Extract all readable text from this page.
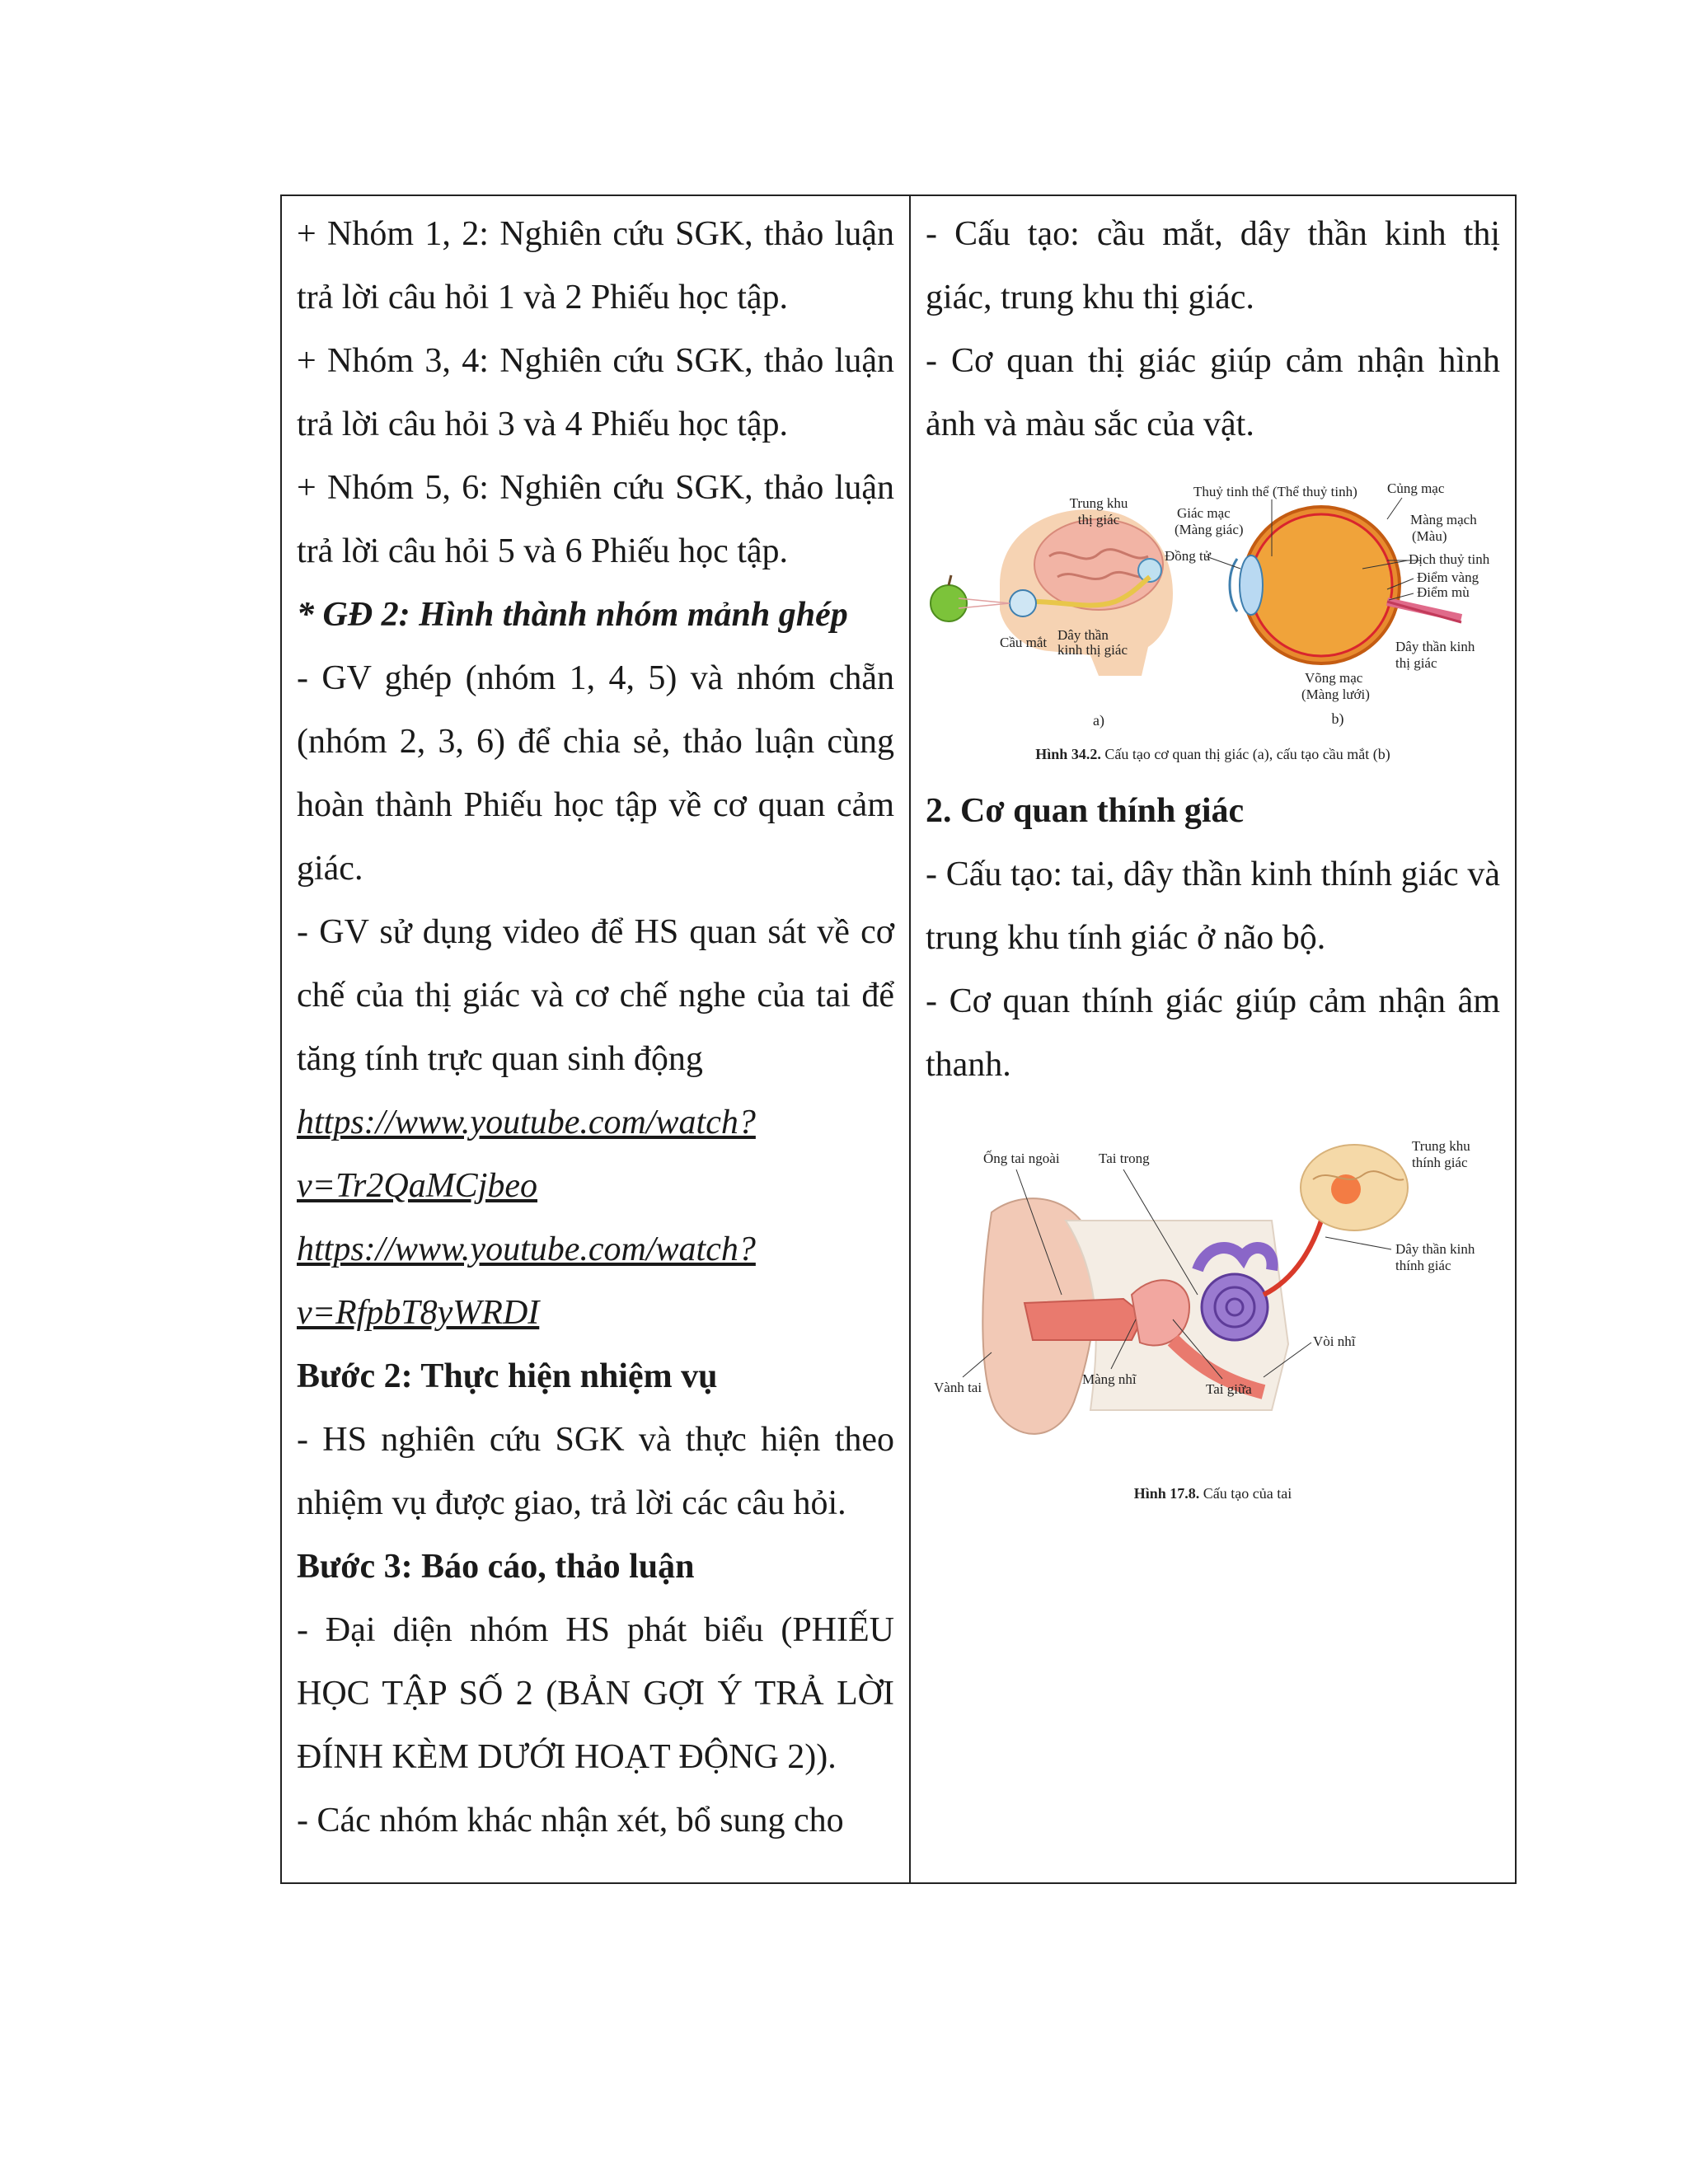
+ Nhóm 1, 2: Nghiên cứu SGK, thảo luận trả lời câu hỏi 1 và 2 Phiếu học tập.

+ Nhóm 3, 4: Nghiên cứu SGK, thảo luận trả lời câu hỏi 3 và 4 Phiếu học tập.

+ Nhóm 5, 6: Nghiên cứu SGK, thảo luận trả lời câu hỏi 5 và 6 Phiếu học tập.

* GĐ 2: Hình thành nhóm mảnh ghép

- GV ghép (nhóm 1, 4, 5) và nhóm chẵn (nhóm 2, 3, 6) để chia sẻ, thảo luận cùng hoàn thành Phiếu học tập về cơ quan cảm giác.

- GV sử dụng video để HS quan sát về cơ chế của thị giác và cơ chế nghe của tai để tăng tính trực quan sinh động

https://www.youtube.com/watch?
v=Tr2QaMCjbeo

https://www.youtube.com/watch?
v=RfpbT8yWRDI

Bước 2: Thực hiện nhiệm vụ

- HS nghiên cứu SGK và thực hiện theo nhiệm vụ được giao, trả lời các câu hỏi.

Bước 3: Báo cáo, thảo luận

- Đại diện nhóm HS phát biểu (PHIẾU HỌC TẬP SỐ 2 (BẢN GỢI Ý TRẢ LỜI ĐÍNH KÈM DƯỚI HOẠT ĐỘNG 2)).

- Các nhóm khác nhận xét, bổ sung cho

- Cấu tạo: cầu mắt, dây thần kinh thị giác, trung khu thị giác.

- Cơ quan thị giác giúp cảm nhận hình ảnh và màu sắc của vật.

Trung khu
thị giác
Cầu mắt Dây thần
kinh thị giác
Thuỷ tinh thể (Thể thuỷ tinh) Củng mạc
Giác mạc
(Màng giác)
Đồng tử
Màng mạch
(Màu)
Dịch thuỷ tinh
Điểm vàng
Điểm mù
Dây thần kinh
thị giác
Võng mạc
(Màng lưới)
a)	b)

Hình 34.2. Cấu tạo cơ quan thị giác (a), cấu tạo cầu mắt (b)

2. Cơ quan thính giác

- Cấu tạo: tai, dây thần kinh thính giác và trung khu tính giác ở não bộ.

- Cơ quan thính giác giúp cảm nhận âm thanh.

Ống tai ngoài	Tai trong
Trung khu
thính giác
Dây thần kinh
thính giác
Vòi nhĩ
Vành tai
Màng nhĩ
Tai giữa

Hình 17.8. Cấu tạo của tai
